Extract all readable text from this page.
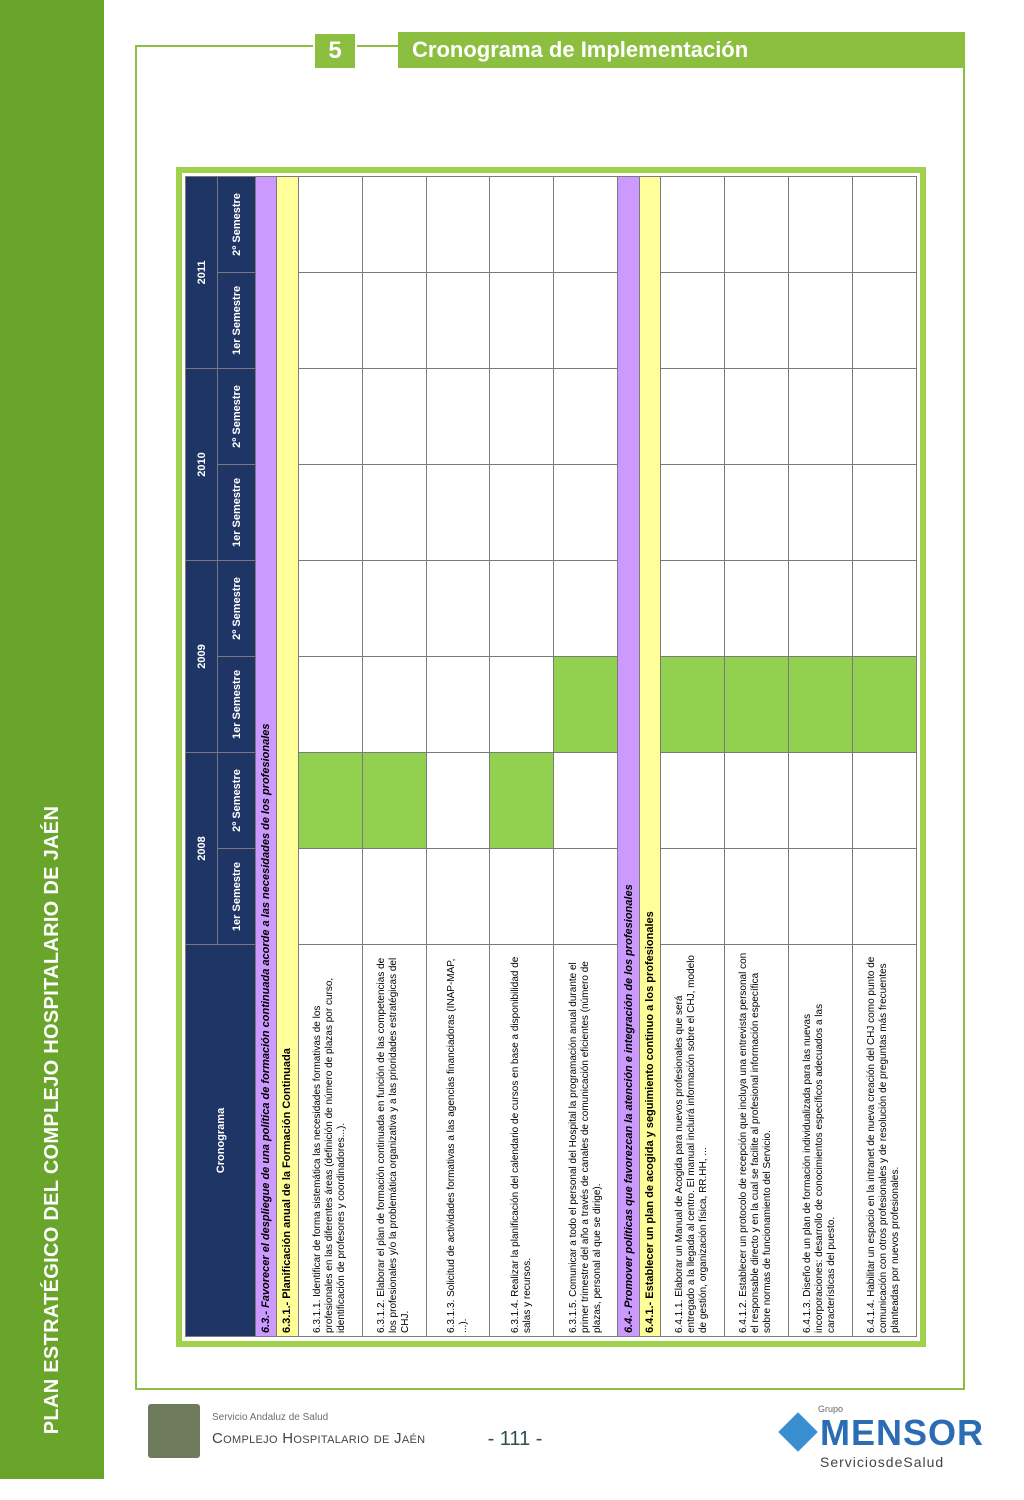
PLAN ESTRATÉGICO DEL COMPLEJO HOSPITALARIO DE JAÉN
5	Cronograma de Implementación
Cronograma	2008		2009		2010		2011	
	1er Semestre	2º Semestre	1er Semestre	2º Semestre	1er Semestre	2º Semestre	1er Semestre	2º Semestre
6.3.- Favorecer el despliegue de una política de formación continuada acorde a las necesidades de los profesionales								
6.3.1.- Planificación anual de la Formación Continuada								
6.3.1.1. Identificar de forma sistemática las necesidades formativas de los profesionales en las diferentes áreas (definición de número de plazas por curso, identificación de profesores y coordinadores...).								
6.3.1.2. Elaborar el plan de formación continuada en función de las competencias de los profesionales y/o la problemática organizativa y a las prioridades estratégicas del CHJ.								
6.3.1.3. Solicitud de actividades formativas a las agencias financiadoras (INAP-MAP, ...).								
6.3.1.4. Realizar la planificación del calendario de cursos en base a disponibilidad de salas y recursos.								
6.3.1.5. Comunicar a todo el personal del Hospital la programación anual durante el primer trimestre del año a través de canales de comunicación eficientes (número de plazas, personal al que se dirige).								
6.4.- Promover políticas que favorezcan la atención e integración de los profesionales								
6.4.1.- Establecer un plan de acogida y seguimiento continuo a los profesionales								
6.4.1.1. Elaborar un Manual de Acogida para nuevos profesionales que será entregado a la llegada al centro. El manual incluirá información sobre el CHJ, modelo de gestión, organización física, RR.HH, ...								
6.4.1.2. Establecer un protocolo de recepción que incluya una entrevista personal con el responsable directo y en la cual se facilite al profesional información específica sobre normas de funcionamiento del Servicio.								
6.4.1.3. Diseño de un plan de formación individualizada para las nuevas incorporaciones: desarrollo de conocimientos específicos adecuados a las características del puesto.								
6.4.1.4. Habilitar un espacio en la intranet de nueva creación del CHJ como punto de comunicación con otros profesionales y de resolución de preguntas más frecuentes planteadas por nuevos profesionales.								
Servicio Andaluz de Salud
Complejo Hospitalario de Jaén	- 111 -
Grupo
MENSOR
ServiciosdeSalud
